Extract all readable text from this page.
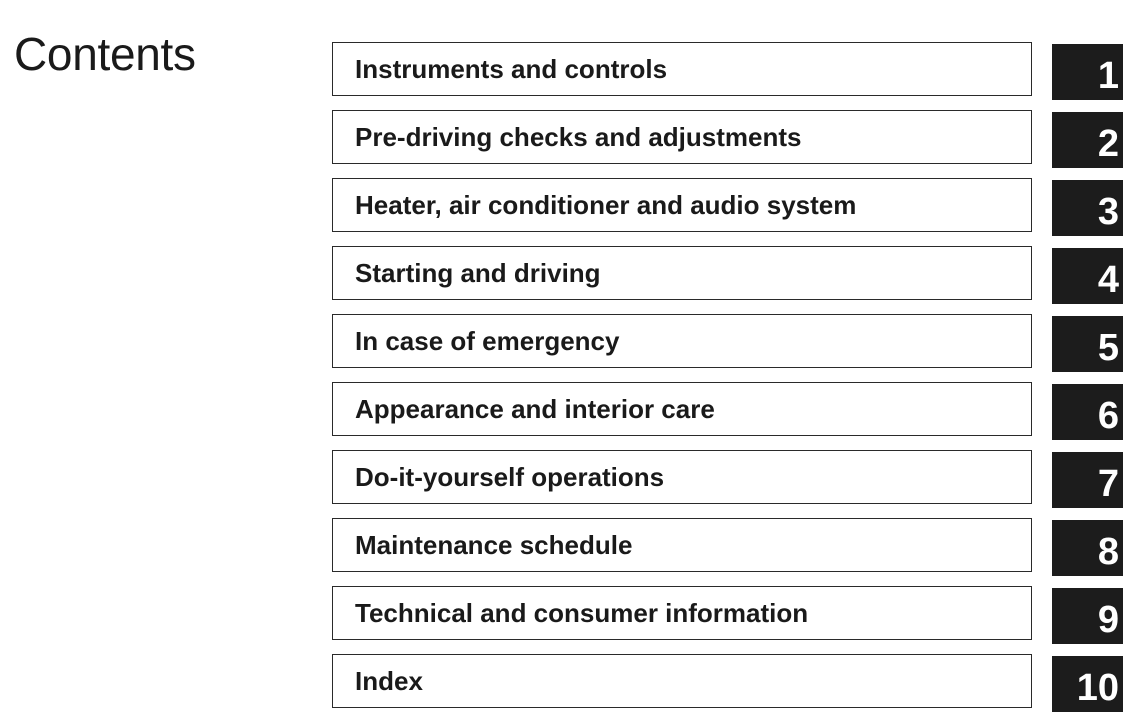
Contents	Instruments and controls	1
Pre-driving checks and adjustments	2
Heater, air conditioner and audio system	3
Starting and driving	4
In case of emergency	5
Appearance and interior care	6
Do-it-yourself operations	7
Maintenance schedule	8
Technical and consumer information	9
Index	10
